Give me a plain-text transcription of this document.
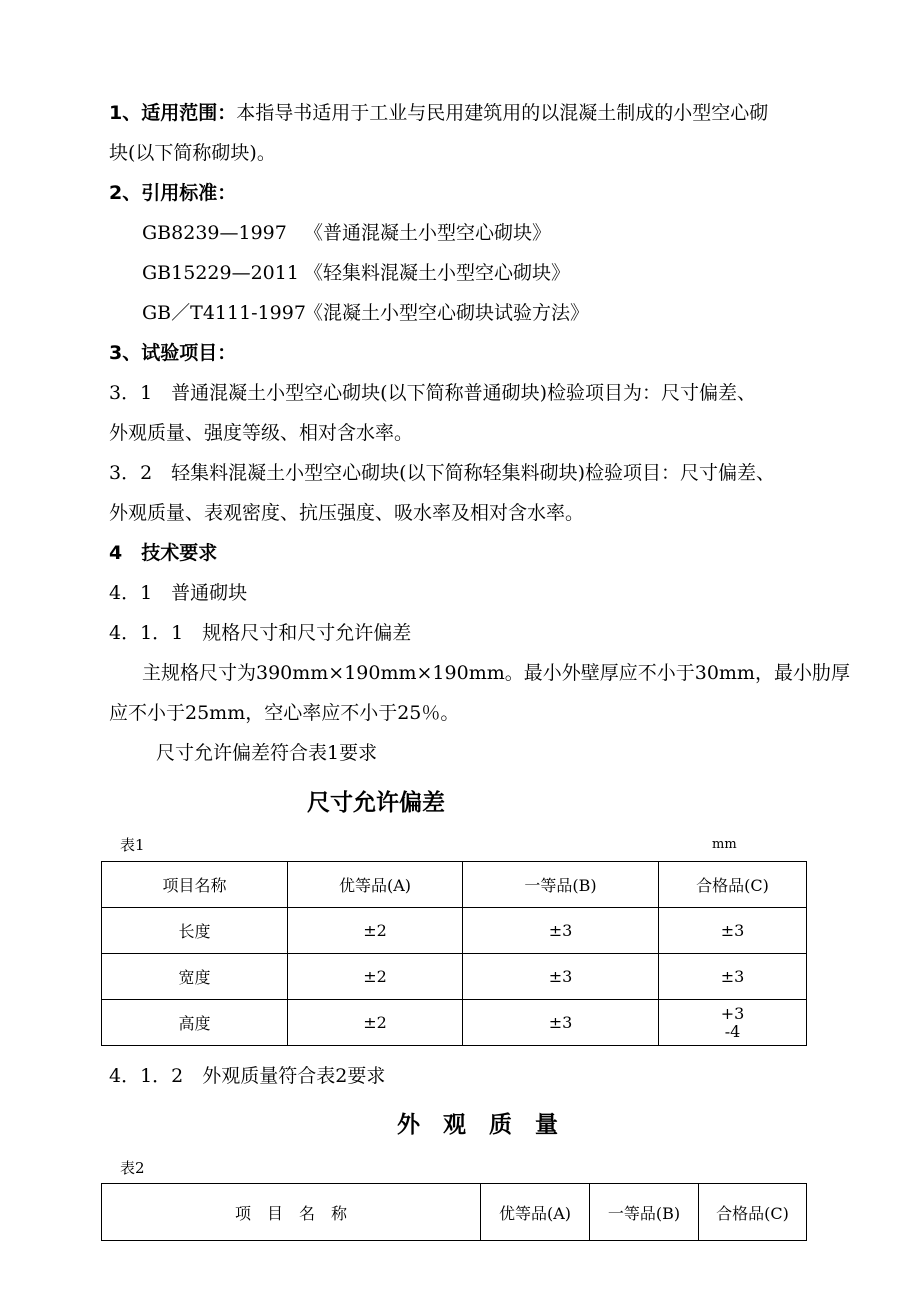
1、适用范围：本指导书适用于工业与民用建筑用的以混凝土制成的小型空心砌
块(以下简称砌块)。
2、引用标准：
GB8239—1997 《普通混凝土小型空心砌块》
GB15229—2011 《轻集料混凝土小型空心砌块》
GB／T4111-1997《混凝土小型空心砌块试验方法》
3、试验项目：
3．1　普通混凝土小型空心砌块(以下简称普通砌块)检验项目为：尺寸偏差、
外观质量、强度等级、相对含水率。
3．2　轻集料混凝土小型空心砌块(以下简称轻集料砌块)检验项目：尺寸偏差、
外观质量、表观密度、抗压强度、吸水率及相对含水率。
4　技术要求
4．1　普通砌块
4．1．1　规格尺寸和尺寸允许偏差
主规格尺寸为390mm×190mm×190mm。最小外壁厚应不小于30mm，最小肋厚
应不小于25mm，空心率应不小于25％。
尺寸允许偏差符合表1要求
尺寸允许偏差
表1	mm
项目名称	优等品(A)	一等品(B)	合格品(C)
长度	±2	±3	±3
宽度	±2	±3	±3
高度	±2	±3	+3
-4
4．1．2　外观质量符合表2要求
外　观　质　量
表2
项　目　名　称	优等品(A)	一等品(B)	合格品(C)
